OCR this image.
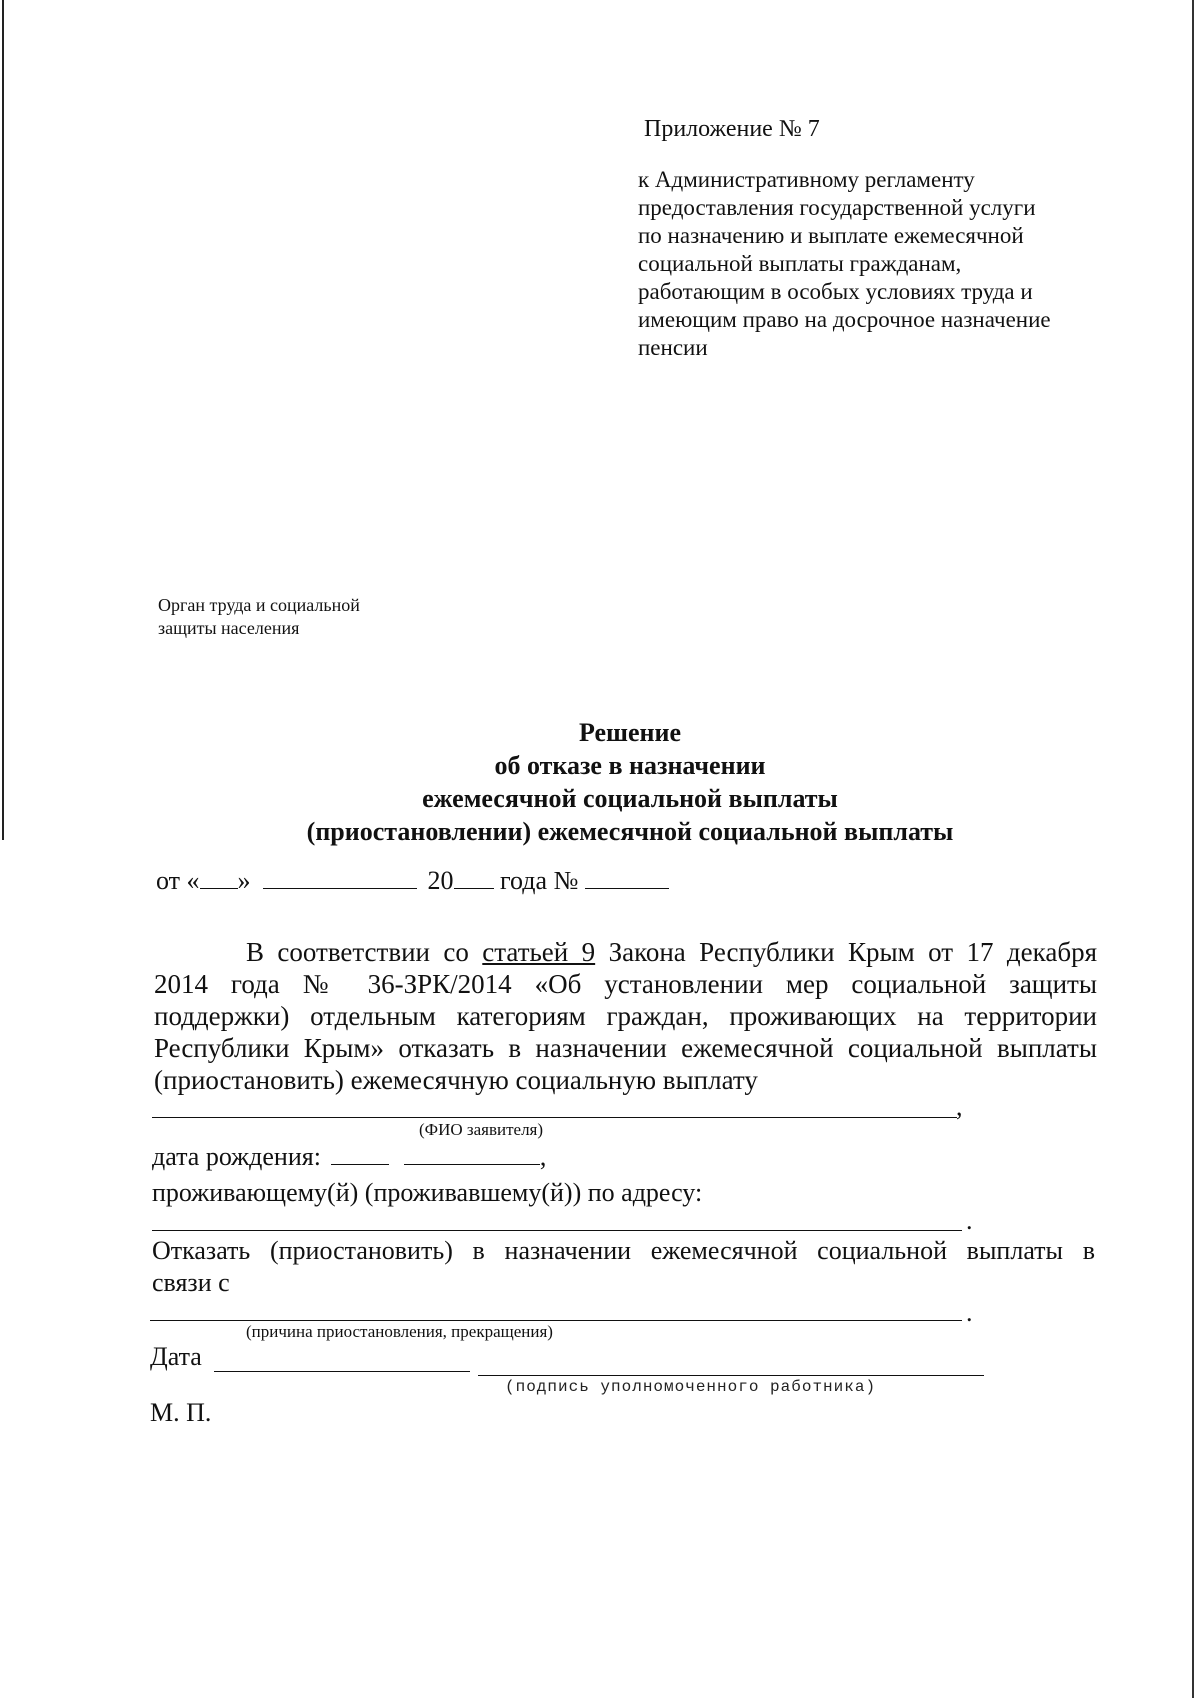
Приложение № 7
к Административному регламенту
предоставления государственной услуги
по назначению и выплате ежемесячной
социальной выплаты гражданам,
работающим в особых условиях труда и
имеющим право на досрочное назначение
пенсии
Орган труда и социальной
защиты населения
Решение
об отказе в назначении
ежемесячной социальной выплаты
(приостановлении) ежемесячной социальной выплаты
от « »	20 года №
В соответствии со статьей 9 Закона Республики Крым от 17 декабря
2014 года № 36-ЗРК/2014 «Об установлении мер социальной защиты
поддержки) отдельным категориям граждан, проживающих на территории
Республики Крым» отказать в назначении ежемесячной социальной выплаты
(приостановить) ежемесячную социальную выплату
,
(ФИО заявителя)
дата рождения:	,
проживающему(й) (проживавшему(й)) по адресу:
.
Отказать (приостановить) в назначении ежемесячной социальной выплаты в
связи с
.
(причина приостановления, прекращения)
Дата
(подпись уполномоченного работника)
М. П.
